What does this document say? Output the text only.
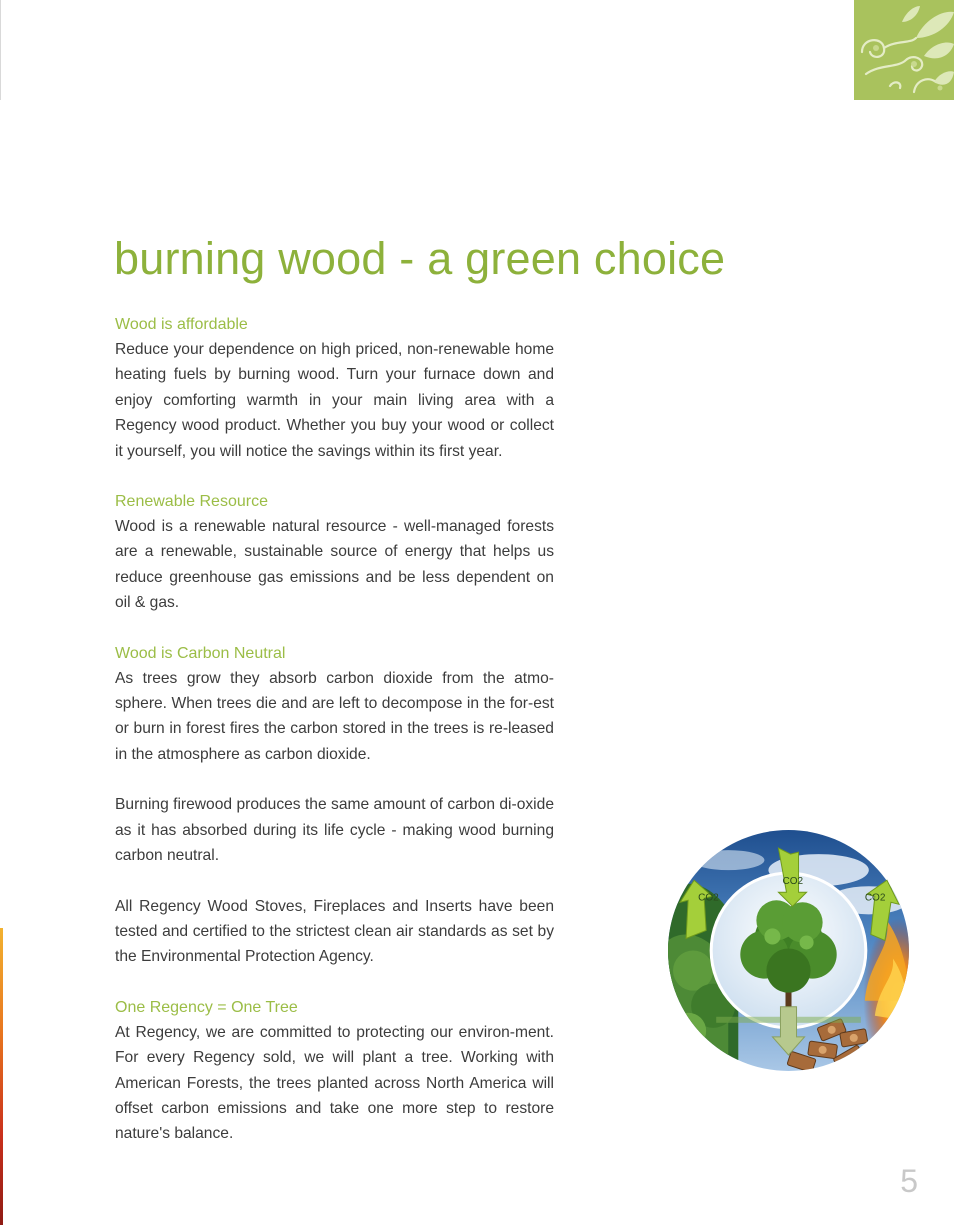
burning wood - a green choice
Wood is affordable

Reduce your dependence on high priced, non-renewable home heating fuels by burning wood. Turn your furnace down and enjoy comforting warmth in your main living area with a Regency wood product. Whether you buy your wood or collect it yourself, you will notice the savings within its first year.

Renewable Resource

Wood is a renewable natural resource - well-managed forests are a renewable, sustainable source of energy that helps us reduce greenhouse gas emissions and be less dependent on oil & gas.

Wood is Carbon Neutral

As trees grow they absorb carbon dioxide from the atmo-sphere. When trees die and are left to decompose in the for-est or burn in forest fires the carbon stored in the trees is re-leased in the atmosphere as carbon dioxide.

Burning firewood produces the same amount of carbon di-oxide as it has absorbed during its life cycle - making wood burning carbon neutral.

All Regency Wood Stoves, Fireplaces and Inserts have been tested and certified to the strictest clean air standards as set by the Environmental Protection Agency.

One Regency = One Tree

At Regency, we are committed to protecting our environ-ment. For every Regency sold, we will plant a tree. Working with American Forests, the trees planted across North America will offset carbon emissions and take one more step to restore nature's balance.

CO2
CO2	CO2
5
